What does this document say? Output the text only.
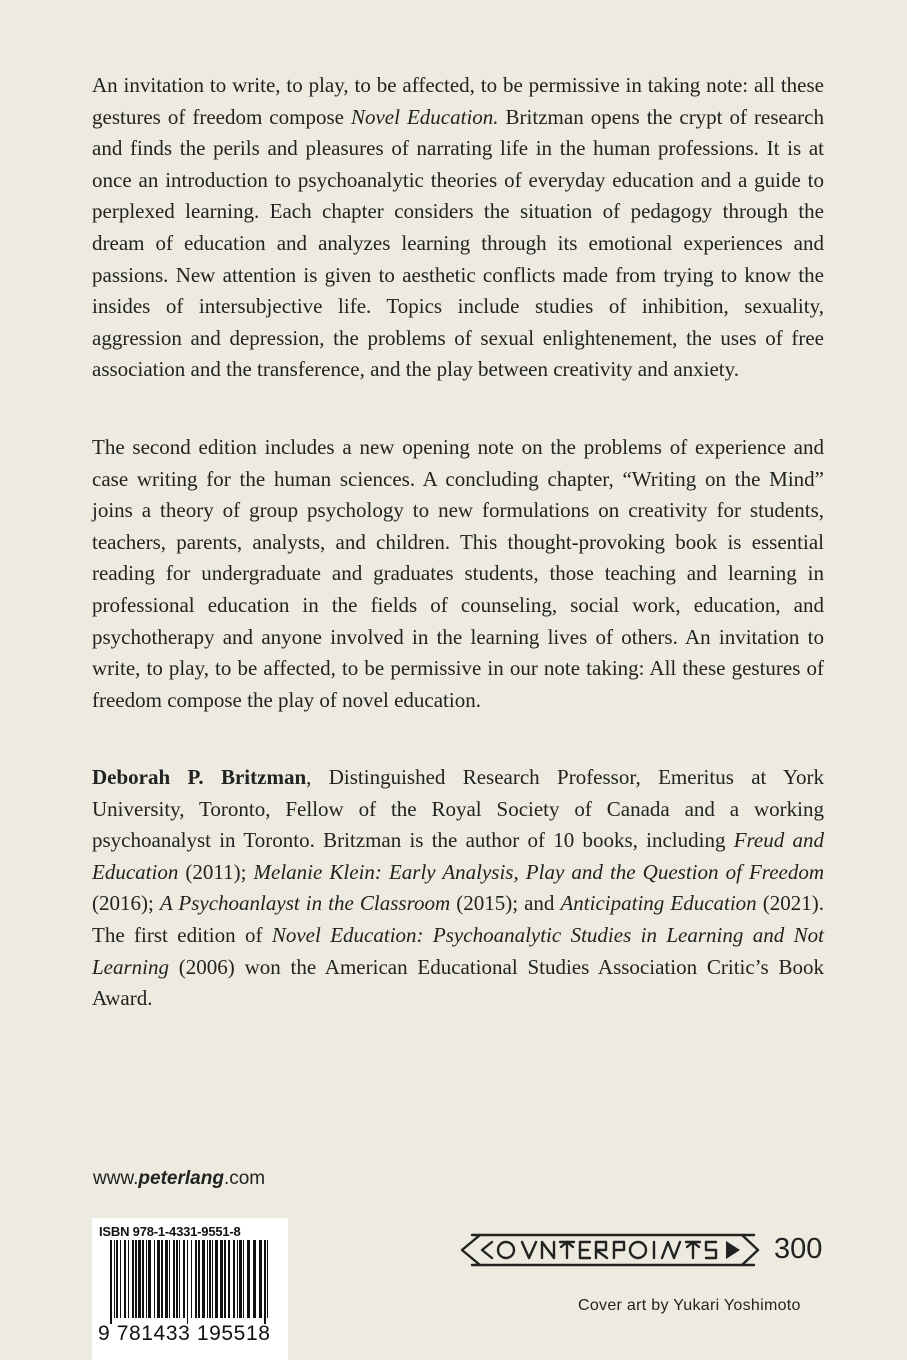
An invitation to write, to play, to be affected, to be permissive in taking note: all these gestures of freedom compose Novel Education. Britzman opens the crypt of research and finds the perils and pleasures of narrating life in the human professions. It is at once an introduction to psychoanalytic theories of everyday education and a guide to perplexed learning. Each chapter considers the situation of pedagogy through the dream of education and analyzes learning through its emotional experiences and passions. New attention is given to aesthetic conflicts made from trying to know the insides of intersubjective life. Topics include studies of inhibition, sexuality, aggression and depression, the problems of sexual enlightenement, the uses of free association and the transference, and the play between creativity and anxiety.

The second edition includes a new opening note on the problems of experience and case writing for the human sciences. A concluding chapter, “Writing on the Mind” joins a theory of group psychology to new formulations on creativity for students, teachers, parents, analysts, and children. This thought-provoking book is essential reading for undergraduate and graduates students, those teaching and learning in professional education in the fields of counseling, social work, education, and psychotherapy and anyone involved in the learning lives of others. An invitation to write, to play, to be affected, to be permissive in our note taking: All these gestures of freedom compose the play of novel education.

Deborah P. Britzman, Distinguished Research Professor, Emeritus at York University, Toronto, Fellow of the Royal Society of Canada and a working psychoanalyst in Toronto. Britzman is the author of 10 books, including Freud and Education (2011); Melanie Klein: Early Analysis, Play and the Question of Freedom (2016); A Psychoanlayst in the Classroom (2015); and Anticipating Education (2021). The first edition of Novel Education: Psychoanalytic Studies in Learning and Not Learning (2006) won the American Educational Studies Association Critic’s Book Award.

www.peterlang.com
ISBN 978-1-4331-9551-8
9 781433 195518
300
Cover art by Yukari Yoshimoto
